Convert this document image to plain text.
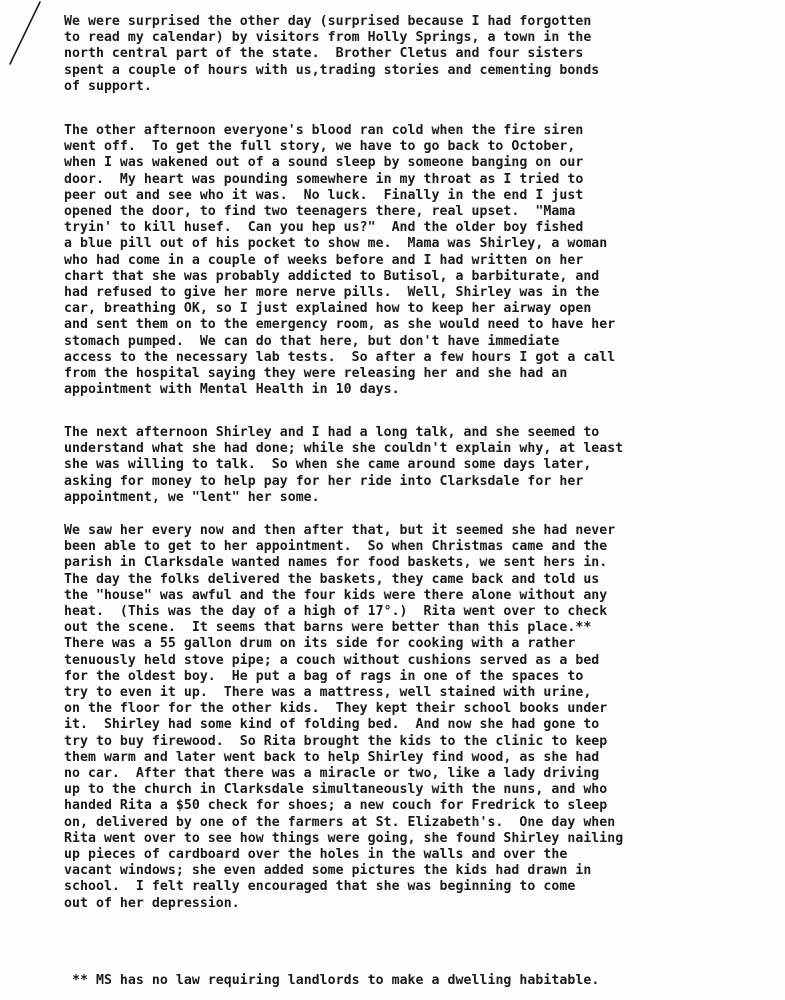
We were surprised the other day (surprised because I had forgotten
to read my calendar) by visitors from Holly Springs, a town in the
north central part of the state.  Brother Cletus and four sisters
spent a couple of hours with us,trading stories and cementing bonds
of support.
The other afternoon everyone's blood ran cold when the fire siren
went off.  To get the full story, we have to go back to October,
when I was wakened out of a sound sleep by someone banging on our
door.  My heart was pounding somewhere in my throat as I tried to
peer out and see who it was.  No luck.  Finally in the end I just
opened the door, to find two teenagers there, real upset.  "Mama
tryin' to kill husef.  Can you hep us?"  And the older boy fished
a blue pill out of his pocket to show me.  Mama was Shirley, a woman
who had come in a couple of weeks before and I had written on her
chart that she was probably addicted to Butisol, a barbiturate, and
had refused to give her more nerve pills.  Well, Shirley was in the
car, breathing OK, so I just explained how to keep her airway open
and sent them on to the emergency room, as she would need to have her
stomach pumped.  We can do that here, but don't have immediate
access to the necessary lab tests.  So after a few hours I got a call
from the hospital saying they were releasing her and she had an
appointment with Mental Health in 10 days.
The next afternoon Shirley and I had a long talk, and she seemed to
understand what she had done; while she couldn't explain why, at least
she was willing to talk.  So when she came around some days later,
asking for money to help pay for her ride into Clarksdale for her
appointment, we "lent" her some.
We saw her every now and then after that, but it seemed she had never
been able to get to her appointment.  So when Christmas came and the
parish in Clarksdale wanted names for food baskets, we sent hers in.
The day the folks delivered the baskets, they came back and told us
the "house" was awful and the four kids were there alone without any
heat.  (This was the day of a high of 17°.)  Rita went over to check
out the scene.  It seems that barns were better than this place.**
There was a 55 gallon drum on its side for cooking with a rather
tenuously held stove pipe; a couch without cushions served as a bed
for the oldest boy.  He put a bag of rags in one of the spaces to
try to even it up.  There was a mattress, well stained with urine,
on the floor for the other kids.  They kept their school books under
it.  Shirley had some kind of folding bed.  And now she had gone to
try to buy firewood.  So Rita brought the kids to the clinic to keep
them warm and later went back to help Shirley find wood, as she had
no car.  After that there was a miracle or two, like a lady driving
up to the church in Clarksdale simultaneously with the nuns, and who
handed Rita a $50 check for shoes; a new couch for Fredrick to sleep
on, delivered by one of the farmers at St. Elizabeth's.  One day when
Rita went over to see how things were going, she found Shirley nailing
up pieces of cardboard over the holes in the walls and over the
vacant windows; she even added some pictures the kids had drawn in
school.  I felt really encouraged that she was beginning to come
out of her depression.
** MS has no law requiring landlords to make a dwelling habitable.
